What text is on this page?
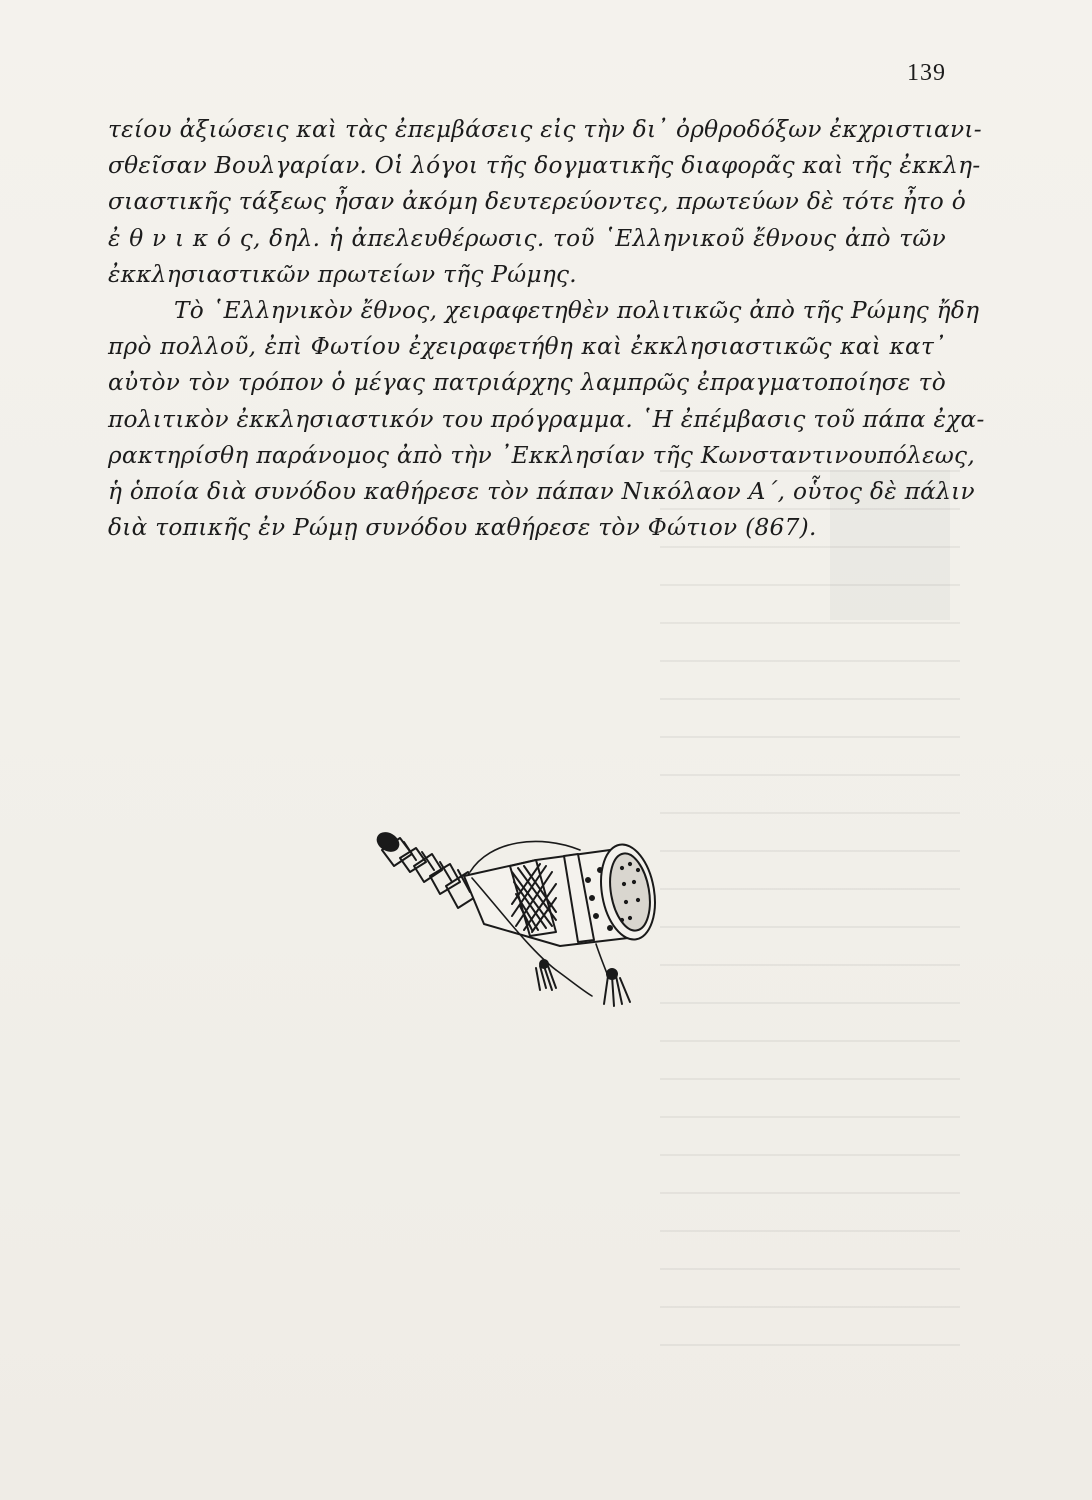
139
τείου ἀξιώσεις καὶ τὰς ἐπεμβάσεις εἰς τὴν δι᾽ ὀρθροδόξων ἐκχριστιανι-
σθεῖσαν Βουλγαρίαν. Οἱ λόγοι τῆς δογματικῆς διαφορᾶς καὶ τῆς ἐκκλη-
σιαστικῆς τάξεως ἦσαν ἀκόμη δευτερεύοντες, πρωτεύων δὲ τότε ἦτο ὁ
ἐ θ ν ι κ ό ς, δηλ. ἡ ἀπελευθέρωσις. τοῦ ῾Ελληνικοῦ ἔθνους ἀπὸ τῶν
ἐκκλησιαστικῶν πρωτείων τῆς Ρώμης.
Τὸ ῾Ελληνικὸν ἔθνος, χειραφετηθὲν πολιτικῶς ἀπὸ τῆς Ρώμης ἤδη
πρὸ πολλοῦ, ἐπὶ Φωτίου ἐχειραφετήθη καὶ ἐκκλησιαστικῶς καὶ κατ᾽
αὐτὸν τὸν τρόπον ὁ μέγας πατριάρχης λαμπρῶς ἐπραγματοποίησε τὸ
πολιτικὸν ἐκκλησιαστικόν του πρόγραμμα. ῾Η ἐπέμβασις τοῦ πάπα ἐχα-
ρακτηρίσθη παράνομος ἀπὸ τὴν ᾿Εκκλησίαν τῆς Κωνσταντινουπόλεως,
ἡ ὁποία διὰ συνόδου καθήρεσε τὸν πάπαν Νικόλαον Α΄, οὗτος δὲ πάλιν
διὰ τοπικῆς ἐν Ρώμῃ συνόδου καθήρεσε τὸν Φώτιον (867).
